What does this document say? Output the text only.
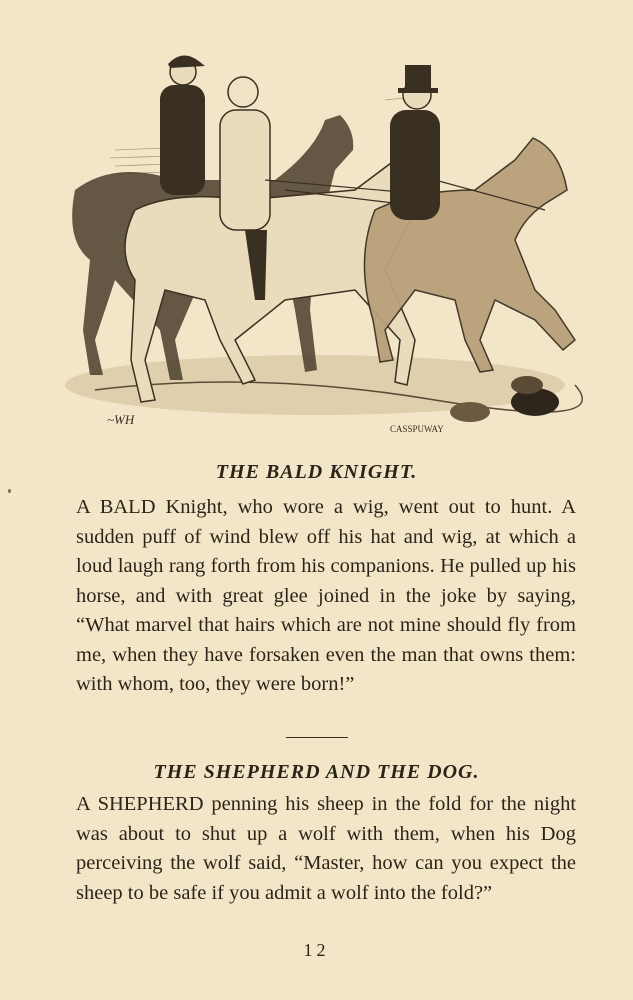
~WH
CASSPUWAY
THE BALD KNIGHT.

A BALD Knight, who wore a wig, went out to hunt. A sudden puff of wind blew off his hat and wig, at which a loud laugh rang forth from his companions. He pulled up his horse, and with great glee joined in the joke by saying, “What marvel that hairs which are not mine should fly from me, when they have forsaken even the man that owns them: with whom, too, they were born!”

THE SHEPHERD AND THE DOG.

A SHEPHERD penning his sheep in the fold for the night was about to shut up a wolf with them, when his Dog perceiving the wolf said, “Master, how can you expect the sheep to be safe if you admit a wolf into the fold?”

12
